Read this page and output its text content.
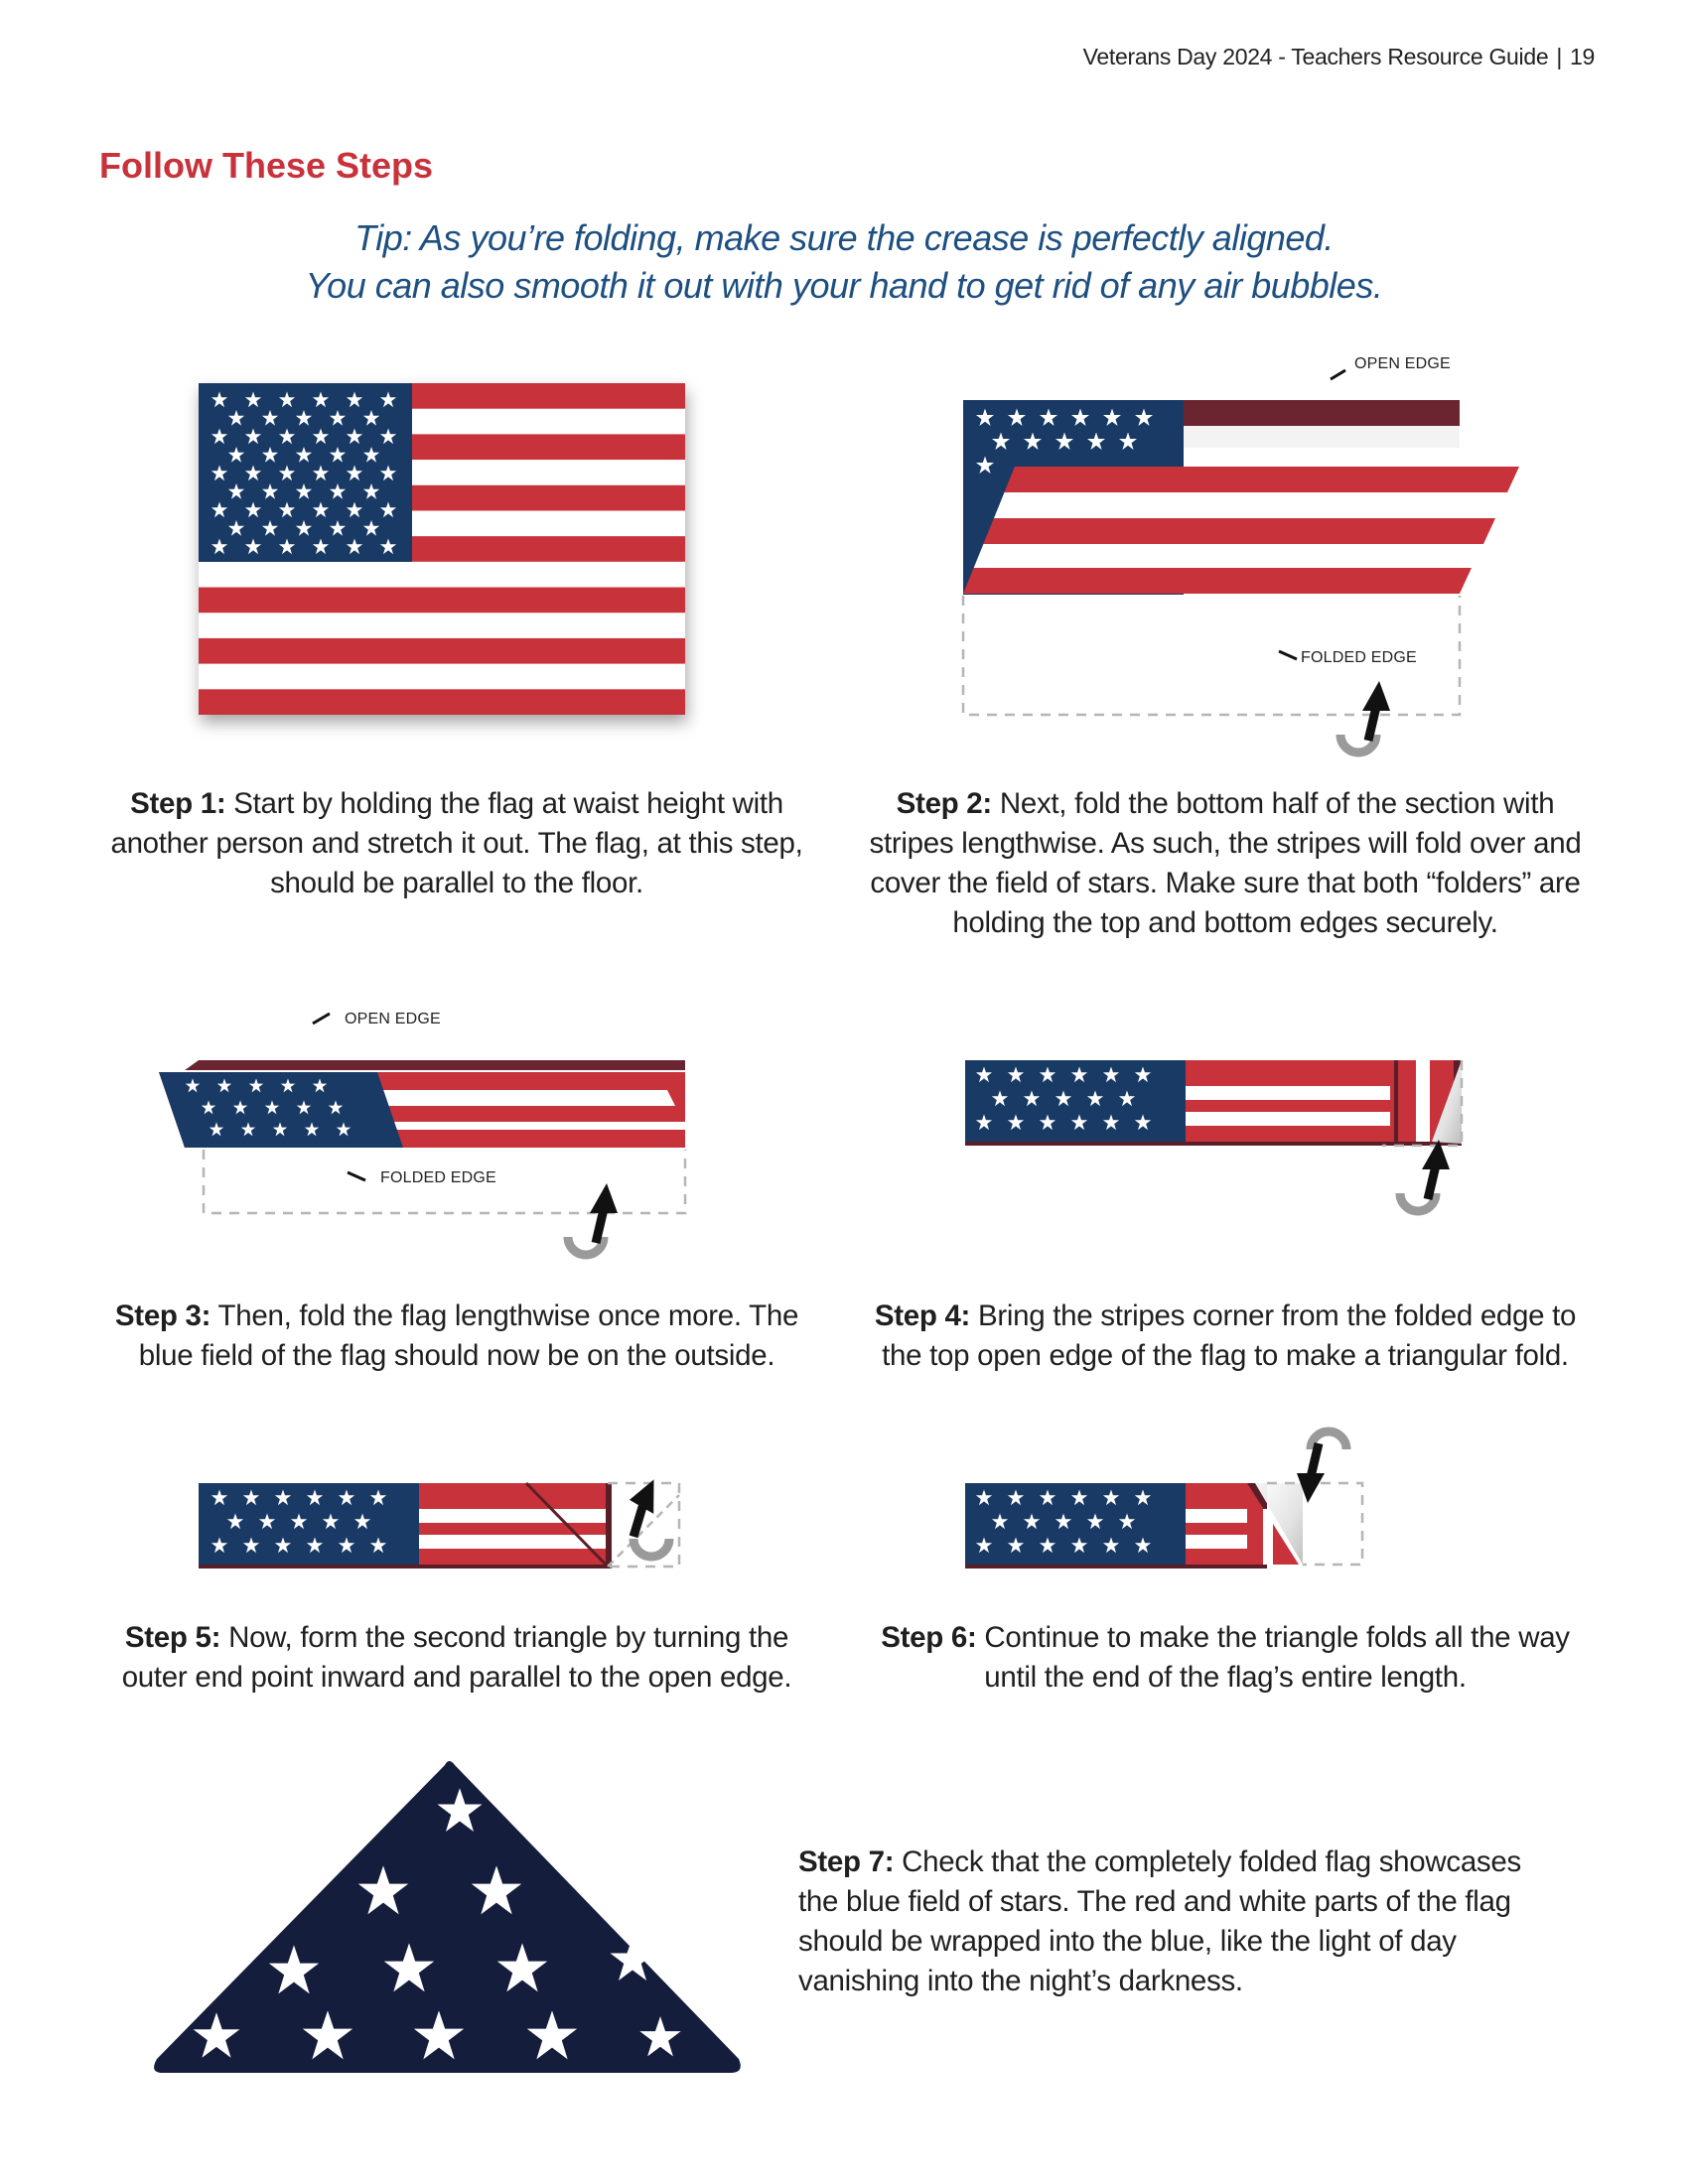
Veterans Day 2024 - Teachers Resource Guide | 19
Follow These Steps
Tip: As you’re folding, make sure the crease is perfectly aligned.
You can also smooth it out with your hand to get rid of any air bubbles.
OPEN EDGE
FOLDED EDGE
Step 1: Start by holding the flag at waist height with another person and stretch it out. The flag, at this step, should be parallel to the floor.
Step 2: Next, fold the bottom half of the section with stripes lengthwise. As such, the stripes will fold over and cover the field of stars. Make sure that both “folders” are holding the top and bottom edges securely.
OPEN EDGE
FOLDED EDGE
Step 3: Then, fold the flag lengthwise once more. The blue field of the flag should now be on the outside.
Step 4: Bring the stripes corner from the folded edge to the top open edge of the flag to make a triangular fold.
Step 5: Now, form the second triangle by turning the outer end point inward and parallel to the open edge.
Step 6: Continue to make the triangle folds all the way until the end of the flag’s entire length.
Step 7: Check that the completely folded flag showcases the blue field of stars. The red and white parts of the flag should be wrapped into the blue, like the light of day vanishing into the night’s darkness.
